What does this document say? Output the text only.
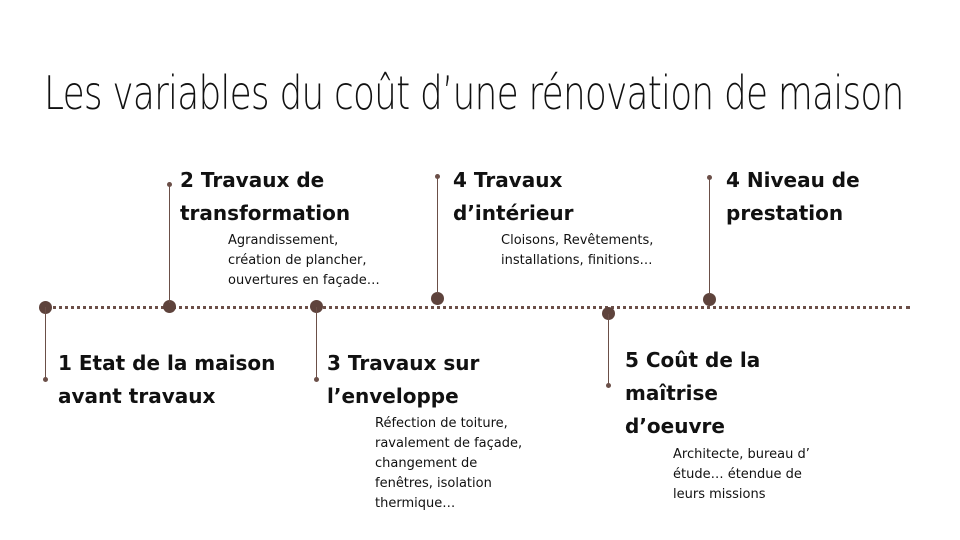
Les variables du coût d’une rénovation de maison
1 Etat de la maison
avant travaux
2 Travaux de
transformation
Agrandissement,
création de plancher,
ouvertures en façade…
3 Travaux sur
l’enveloppe
Réfection de toiture,
ravalement de façade,
changement de
fenêtres, isolation
thermique…
4 Travaux
d’intérieur
Cloisons, Revêtements,
installations, finitions…
5 Coût de la
maîtrise
d’oeuvre
Architecte, bureau d’
étude… étendue de
leurs missions
4 Niveau de
prestation
